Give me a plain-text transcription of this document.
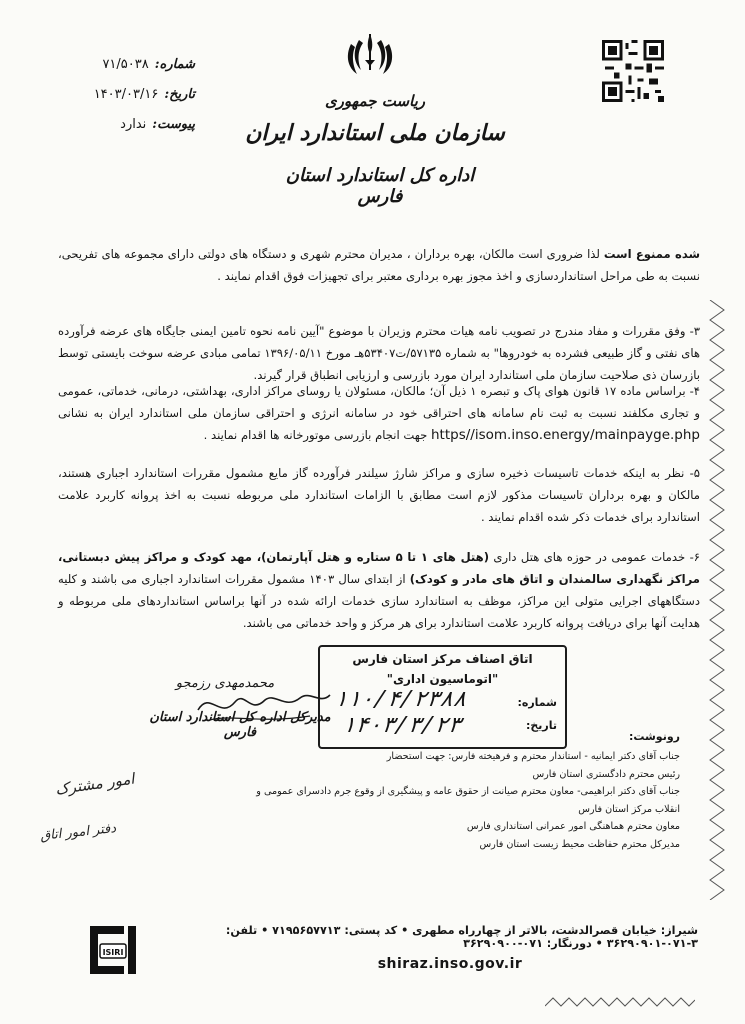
ریاست جمهوری
سازمان ملی استاندارد ایران
اداره کل استاندارد استان فارس
شماره:
۷۱/۵۰۳۸
تاریخ:
۱۴۰۳/۰۳/۱۶
پیوست:
ندارد
شده ممنوع است لذا ضروری است مالکان، بهره برداران ، مدیران محترم شهری و دستگاه های دولتی دارای مجموعه های تفریحی، نسبت به طی مراحل استانداردسازی و اخذ مجوز بهره برداری معتبر برای تجهیزات فوق اقدام نمایند .
۳- وفق مقررات و مفاد مندرج در تصویب نامه هیات محترم وزیران با موضوع "آیین نامه نحوه تامین ایمنی جایگاه های عرضه فرآورده های نفتی و گاز طبیعی فشرده به خودروها" به شماره ۵۷۱۳۵/ت۵۳۴۰۷هـ مورخ ۱۳۹۶/۰۵/۱۱ تمامی مبادی عرضه سوخت بایستی توسط بازرسان ذی صلاحیت سازمان ملی استاندارد ایران مورد بازرسی و ارزیابی انطباق قرار گیرند.
۴- براساس ماده ۱۷ قانون هوای پاک و تبصره ۱ ذیل آن؛ مالکان، مسئولان یا روسای مراکز اداری، بهداشتی، درمانی، خدماتی، عمومی و تجاری مکلفند نسبت به ثبت نام سامانه های احتراقی خود در سامانه انرژی و احتراقی سازمان ملی استاندارد ایران به نشانی https//isom.inso.energy/mainpayge.php جهت انجام بازرسی موتورخانه ها اقدام نمایند .
۵- نظر به اینکه خدمات تاسیسات ذخیره سازی و مراکز شارژ سیلندر فرآورده گاز مایع مشمول مقررات استاندارد اجباری هستند، مالکان و بهره برداران تاسیسات مذکور لازم است مطابق با الزامات استاندارد ملی مربوطه نسبت به اخذ پروانه کاربرد علامت استاندارد برای خدمات ذکر شده اقدام نمایند .
۶- خدمات عمومی در حوزه های هتل داری (هتل های ۱ تا ۵ ستاره و هتل آپارتمان)، مهد کودک و مراکز پیش دبستانی، مراکز نگهداری سالمندان و اتاق های مادر و کودک) از ابتدای سال ۱۴۰۳ مشمول مقررات استاندارد اجباری می باشند و کلیه دستگاههای اجرایی متولی این مراکز، موظف به استاندارد سازی خدمات ارائه شده در آنها براساس استانداردهای ملی مربوطه و هدایت آنها برای دریافت پروانه کاربرد علامت استاندارد برای هر مرکز و واحد خدماتی می باشند.
اتاق اصناف مرکز استان فارس
"اتوماسیون اداری"
شماره:
تاریخ:
۱۱۰/۴/۲۳۸۸
۱۴۰۳/۳/۲۳
محمدمهدی رزمجو
مدیرکل اداره کل استاندارد استان فارس	رونوشت:
جناب آقای دکتر ایمانیه - استاندار محترم و فرهیخته فارس: جهت استحضار
رئیس محترم دادگستری استان فارس
جناب آقای دکتر ابراهیمی- معاون محترم صیانت از حقوق عامه و پیشگیری از وقوع جرم دادسرای عمومی و انقلاب مرکز استان فارس
معاون محترم هماهنگی امور عمرانی استانداری فارس
مدیرکل محترم حفاظت محیط زیست استان فارس
امور مشترک
دفتر امور اتاق
ISIRI
شیراز: خیابان قصرالدشت، بالاتر از چهارراه مطهری • کد پستی: ۷۱۹۵۶۵۷۷۱۳ • تلفن: ۳-۰۷۱-۳۶۲۹۰۹۰۱ • دورنگار: ۰۷۱-۳۶۲۹۰۹۰۰
shiraz.inso.gov.ir
